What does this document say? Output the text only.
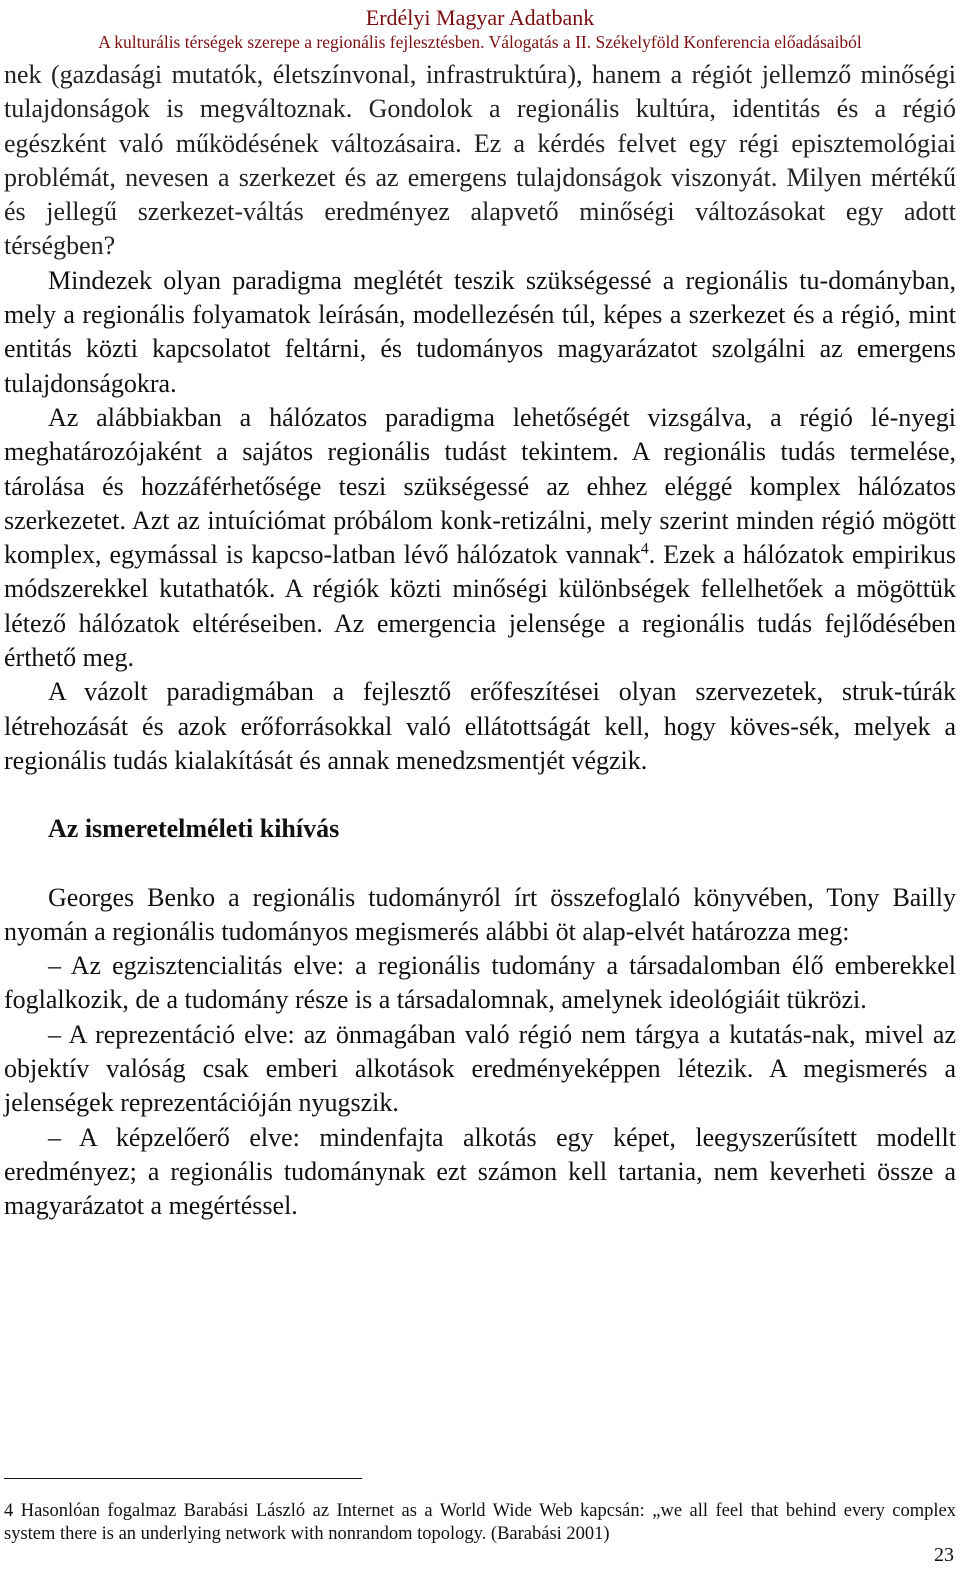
Erdélyi Magyar Adatbank
A kulturális térségek szerepe a regionális fejlesztésben. Válogatás a II. Székelyföld Konferencia előadásaiból

nek (gazdasági mutatók, életszínvonal, infrastruktúra), hanem a régiót jellemző minőségi tulajdonságok is megváltoznak. Gondolok a regionális kultúra, identitás és a régió egészként való működésének változásaira. Ez a kérdés felvet egy régi episztemológiai problémát, nevesen a szerkezet és az emergens tulajdonságok viszonyát. Milyen mértékű és jellegű szerkezet-váltás eredményez alapvető minőségi változásokat egy adott térségben?

Mindezek olyan paradigma meglétét teszik szükségessé a regionális tu-dományban, mely a regionális folyamatok leírásán, modellezésén túl, képes a szerkezet és a régió, mint entitás közti kapcsolatot feltárni, és tudományos magyarázatot szolgálni az emergens tulajdonságokra.

Az alábbiakban a hálózatos paradigma lehetőségét vizsgálva, a régió lé-nyegi meghatározójaként a sajátos regionális tudást tekintem. A regionális tudás termelése, tárolása és hozzáférhetősége teszi szükségessé az ehhez eléggé komplex hálózatos szerkezetet. Azt az intuíciómat próbálom konk-retizálni, mely szerint minden régió mögött komplex, egymással is kapcso-latban lévő hálózatok vannak$^4$. Ezek a hálózatok empirikus módszerekkel kutathatók. A régiók közti minőségi különbségek fellelhetőek a mögöttük létező hálózatok eltéréseiben. Az emergencia jelensége a regionális tudás fejlődésében érthető meg.

A vázolt paradigmában a fejlesztő erőfeszítései olyan szervezetek, struk-túrák létrehozását és azok erőforrásokkal való ellátottságát kell, hogy köves-sék, melyek a regionális tudás kialakítását és annak menedzsmentjét végzik.

Az ismeretelméleti kihívás

Georges Benko a regionális tudományról írt összefoglaló könyvében, Tony Bailly nyomán a regionális tudományos megismerés alábbi öt alap-elvét határozza meg:

– Az egzisztencialitás elve: a regionális tudomány a társadalomban élő emberekkel foglalkozik, de a tudomány része is a társadalomnak, amelynek ideológiáit tükrözi.

– A reprezentáció elve: az önmagában való régió nem tárgya a kutatás-nak, mivel az objektív valóság csak emberi alkotások eredményeképpen létezik. A megismerés a jelenségek reprezentációján nyugszik.

– A képzelőerő elve: mindenfajta alkotás egy képet, leegyszerűsített modellt eredményez; a regionális tudománynak ezt számon kell tartania, nem keverheti össze a magyarázatot a megértéssel.

4 Hasonlóan fogalmaz Barabási László az Internet as a World Wide Web kapcsán: „we all feel that behind every complex system there is an underlying network with nonrandom topology. (Barabási 2001)

23
